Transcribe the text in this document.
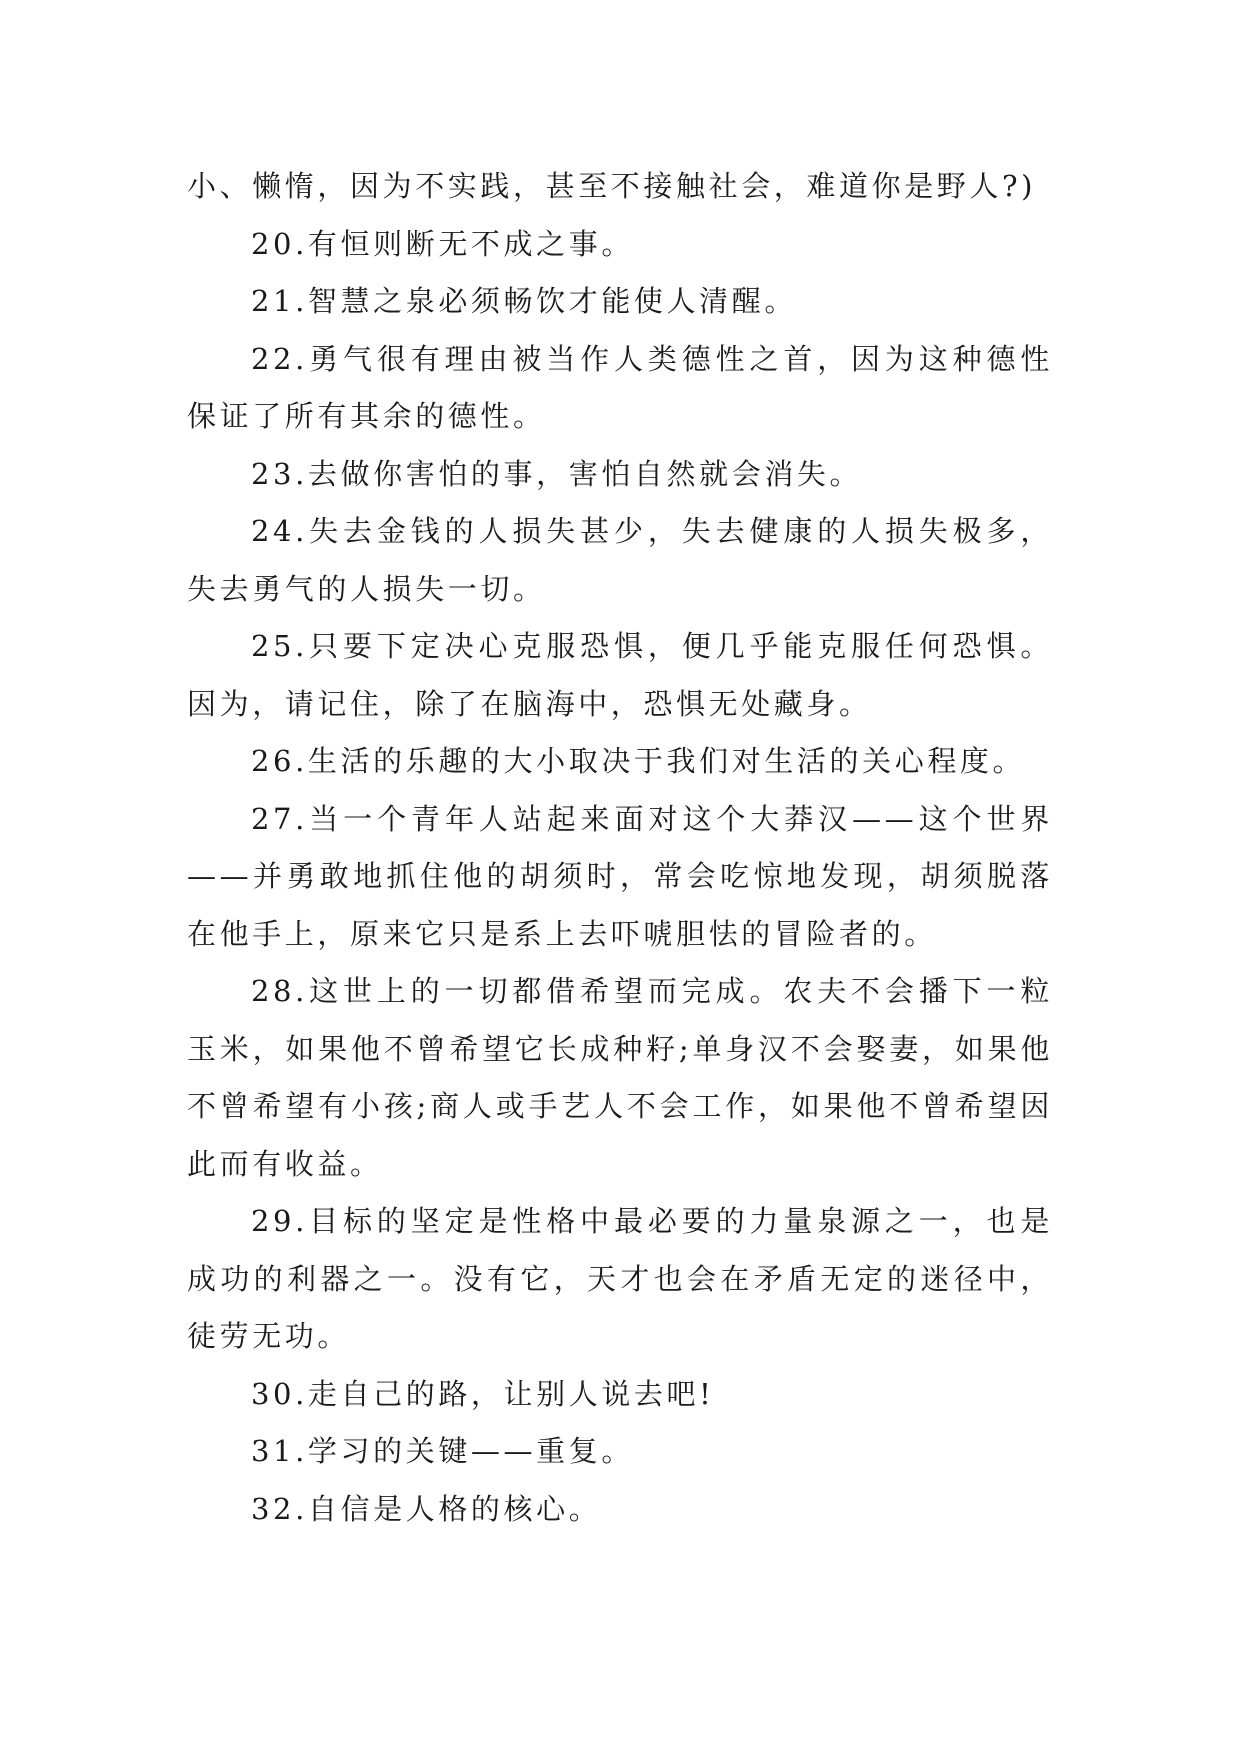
小、懒惰，因为不实践，甚至不接触社会，难道你是野人?)

20.有恒则断无不成之事。

21.智慧之泉必须畅饮才能使人清醒。

22.勇气很有理由被当作人类德性之首，因为这种德性保证了所有其余的德性。

23.去做你害怕的事，害怕自然就会消失。

24.失去金钱的人损失甚少，失去健康的人损失极多，失去勇气的人损失一切。

25.只要下定决心克服恐惧，便几乎能克服任何恐惧。因为，请记住，除了在脑海中，恐惧无处藏身。

26.生活的乐趣的大小取决于我们对生活的关心程度。

27.当一个青年人站起来面对这个大莽汉——这个世界——并勇敢地抓住他的胡须时，常会吃惊地发现，胡须脱落在他手上，原来它只是系上去吓唬胆怯的冒险者的。

28.这世上的一切都借希望而完成。农夫不会播下一粒玉米，如果他不曾希望它长成种籽;单身汉不会娶妻，如果他不曾希望有小孩;商人或手艺人不会工作，如果他不曾希望因此而有收益。

29.目标的坚定是性格中最必要的力量泉源之一，也是成功的利器之一。没有它，天才也会在矛盾无定的迷径中，徒劳无功。

30.走自己的路，让别人说去吧!

31.学习的关键——重复。

32.自信是人格的核心。
